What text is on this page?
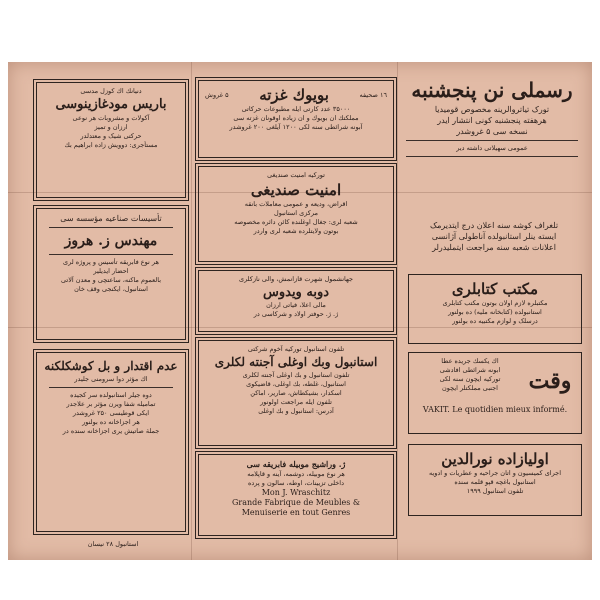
رسملی نن پنجشنبه
تورک تیاتروالرینه مخصوص قومیدیا
هرهفته پنجشنبه کونی انتشار ایدر
نسخه سی ۵ غروشدر
عمومی سهیلاتی داشته دیر
تلغراف کوشه سنه اعلان درج ایتدیرمک
ایسته ینلر استانبولده آناطولی آژانسی
اعلانات شعبه سنه مراجعت ایتملیدرلر
مکتب کتابلری
مکتبلره لازم اولان بوتون مکتب کتابلری
استانبولده (کتابخانه ملیه) ده بولنور
درسلک و لوازم مکتبیه ده بولنور
وقت
اك یکسك جریده عطا
ابونه شرائطی افادشی
تورکیه ایچون سنه لکی
اجنبی مملکتلر ایچون
VAKIT. Le quotidien mieux informé.
اولیازاده نورالدین
اجرای کمیسیون و اتان جراحیه و عطریات و ادویه
استانبول باغچه قپو قلمه سنده
تلفون استانبول ۱۹۹۹
۱٦ صحیفه
بویوك غزته
۵ غروش
۳۵۰۰۰ عدد کارتی ایله مطبوعات حرکاتی
مملکتك ان بویوك و ان زیاده اوقونان غزته سی
آبونه شرائطی سنه لکی ۱۲۰۰ آیلغی ۲۰۰ غروشدر
تورکیه امنیت صندیغی
امنیت صندیغی
اقراض، ودیعه و عمومی معاملات بانقه
مرکزی استانبول
شعبه لری: جغال اوغلنده کائن دائره مخصوصه
بوتون ولایتلرده شعبه لری واردر
جهانشمول شهرت قازانمش، والی نازکلری
دوبه ویدوس
مالی اعلا، فیاتی ارزان
ژ. ژ. حوفتر اولاد و شرکاسی در
تلفون استانبول توركیه آخوم شركتی
استانبول وبك اوغلی آجنته لکلری
تلفون استانبول و بك اوغلی آجنته لکلری
استانبول، غلطه، بك اوغلی، قاضیکوی
اسکدار، بشیکطاش، صاریر، اماکن
تلفون ایله مراجعت اولونور
آدرس: استانبول و بك اوغلی
ژ. وراشیج موبیله فابریقه سی
هر نوع موبیله، دوشمه، آینه و قاپلامه
داخلی تزیینات، اوطه، سالون و پرده
Mon J. Wraschitz
Grande Fabrique de Meubles &
Menuiserie en tout Genres
دنیانك اك كوزل مدسی
باریس مودغازینوسی
آكولات و مشروبات هر نوعی
ارزان و تمیز
حرکتی شیک و معتدلدر
مستأجری: دوویش زاده ابراهیم بك
تأسیسات صناعیه مؤسسه سی
مهندس ز. هروز
هر نوع فابریقه تأسیس و پروژه لری
احضار ایدیلیر
بالعموم ماکنه، ساعتچی و معدن آلاتی
استانبول، ایکنجی وقف خان
عدم اقتدار و بل کوشکلکنه
اك مؤثر دوا سرومنی جلیدر
دوه جیلر استانبولده سر کجیده
تمامیله شفا ویرن مؤثر بر علاجدر
ایکی قوطیسی ۲۵۰ غروشدر
هر اجزاخانه ده بولنور
جملة صاتیش یری اجزاخانه سنده در
استانبول ۲۸ نیسان
